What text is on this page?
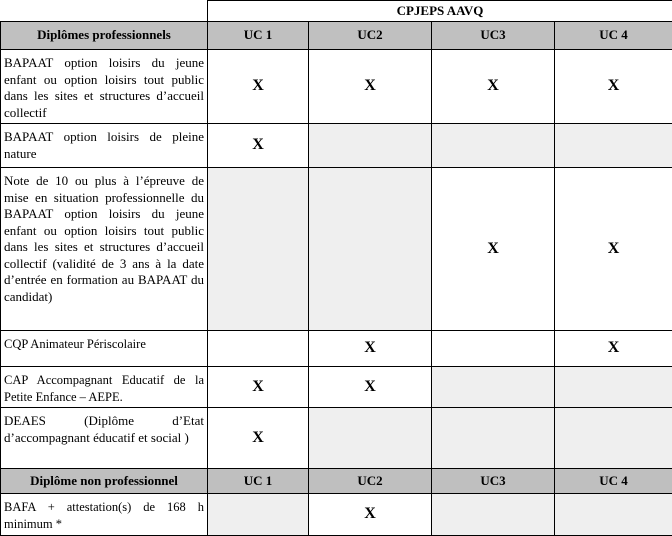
	CPJEPS AAVQ			
Diplômes professionnels	UC 1	UC2	UC3	UC 4
BAPAAT option loisirs du jeune enfant ou option loisirs tout public dans les sites et structures d’accueil collectif	X	X	X	X
BAPAAT option loisirs de pleine nature	X			
Note de 10 ou plus à l’épreuve de mise en situation professionnelle du BAPAAT option loisirs du jeune enfant ou option loisirs tout public dans les sites et structures d’accueil collectif (validité de 3 ans à la date d’entrée en formation au BAPAAT du candidat)			X	X
CQP Animateur Périscolaire		X		X
CAP Accompagnant Educatif de la Petite Enfance – AEPE.	X	X		
DEAES (Diplôme d’Etat d’accompagnant éducatif et social )	X			
Diplôme non professionnel	UC 1	UC2	UC3	UC 4
BAFA + attestation(s) de 168 h minimum *		X		
